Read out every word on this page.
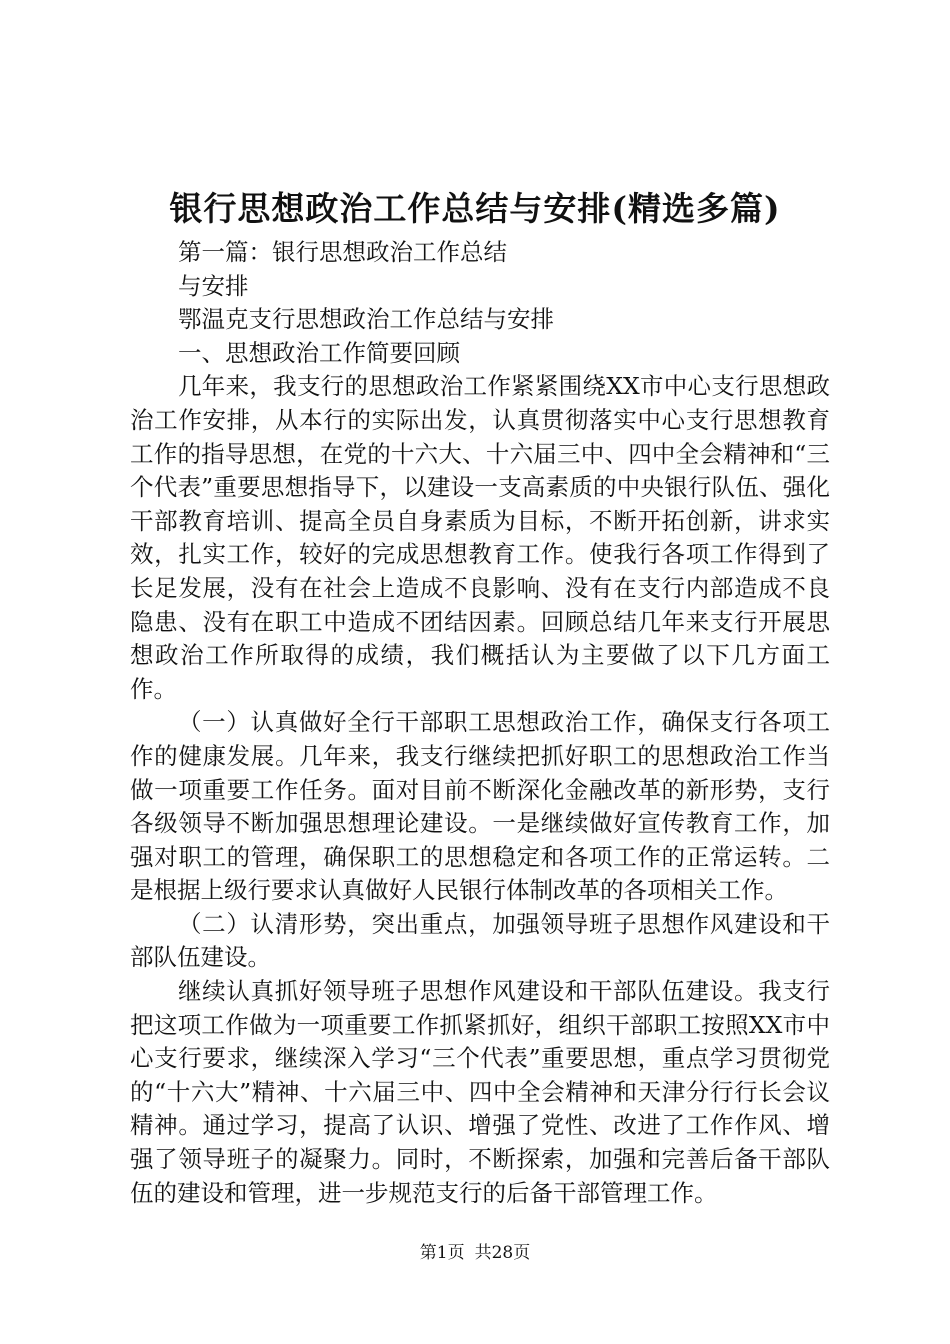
银行思想政治工作总结与安排(精选多篇)

第一篇：银行思想政治工作总结

与安排

鄂温克支行思想政治工作总结与安排

一、思想政治工作简要回顾

几年来，我支行的思想政治工作紧紧围绕XX市中心支行思想政治工作安排，从本行的实际出发，认真贯彻落实中心支行思想教育工作的指导思想，在党的十六大、十六届三中、四中全会精神和“三个代表”重要思想指导下，以建设一支高素质的中央银行队伍、强化干部教育培训、提高全员自身素质为目标，不断开拓创新，讲求实效，扎实工作，较好的完成思想教育工作。使我行各项工作得到了长足发展，没有在社会上造成不良影响、没有在支行内部造成不良隐患、没有在职工中造成不团结因素。回顾总结几年来支行开展思想政治工作所取得的成绩，我们概括认为主要做了以下几方面工作。

（一）认真做好全行干部职工思想政治工作，确保支行各项工作的健康发展。几年来，我支行继续把抓好职工的思想政治工作当做一项重要工作任务。面对目前不断深化金融改革的新形势，支行各级领导不断加强思想理论建设。一是继续做好宣传教育工作，加强对职工的管理，确保职工的思想稳定和各项工作的正常运转。二是根据上级行要求认真做好人民银行体制改革的各项相关工作。

（二）认清形势，突出重点，加强领导班子思想作风建设和干部队伍建设。

继续认真抓好领导班子思想作风建设和干部队伍建设。我支行把这项工作做为一项重要工作抓紧抓好，组织干部职工按照XX市中心支行要求，继续深入学习“三个代表”重要思想，重点学习贯彻党的“十六大”精神、十六届三中、四中全会精神和天津分行行长会议精神。通过学习，提高了认识、增强了党性、改进了工作作风、增强了领导班子的凝聚力。同时，不断探索，加强和完善后备干部队伍的建设和管理，进一步规范支行的后备干部管理工作。

第1页 共28页
